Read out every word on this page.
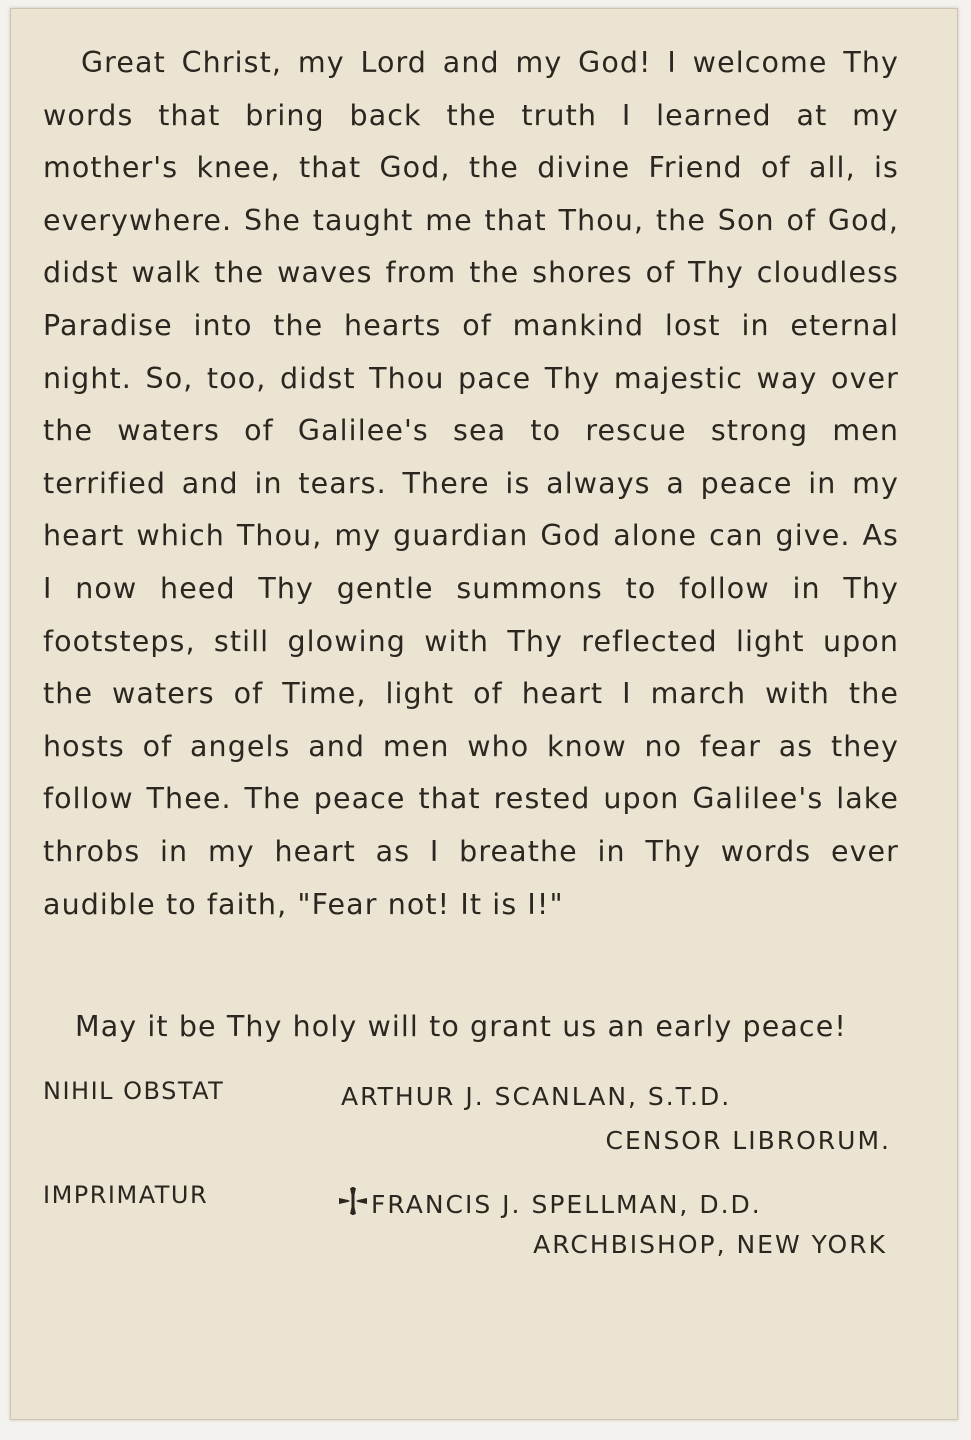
Great Christ, my Lord and my God! I welcome Thy words that bring back the truth I learned at my mother's knee, that God, the divine Friend of all, is everywhere. She taught me that Thou, the Son of God, didst walk the waves from the shores of Thy cloudless Paradise into the hearts of mankind lost in eternal night. So, too, didst Thou pace Thy majestic way over the waters of Galilee's sea to rescue strong men terrified and in tears. There is always a peace in my heart which Thou, my guardian God alone can give. As I now heed Thy gentle summons to follow in Thy footsteps, still glowing with Thy reflected light upon the waters of Time, light of heart I march with the hosts of angels and men who know no fear as they follow Thee. The peace that rested upon Galilee's lake throbs in my heart as I breathe in Thy words ever audible to faith, "Fear not! It is I!"

May it be Thy holy will to grant us an early peace!

NIHIL OBSTAT	ARTHUR J. SCANLAN, S.T.D.
CENSOR LIBRORUM.
IMPRIMATUR	FRANCIS J. SPELLMAN, D.D.
ARCHBISHOP, NEW YORK
